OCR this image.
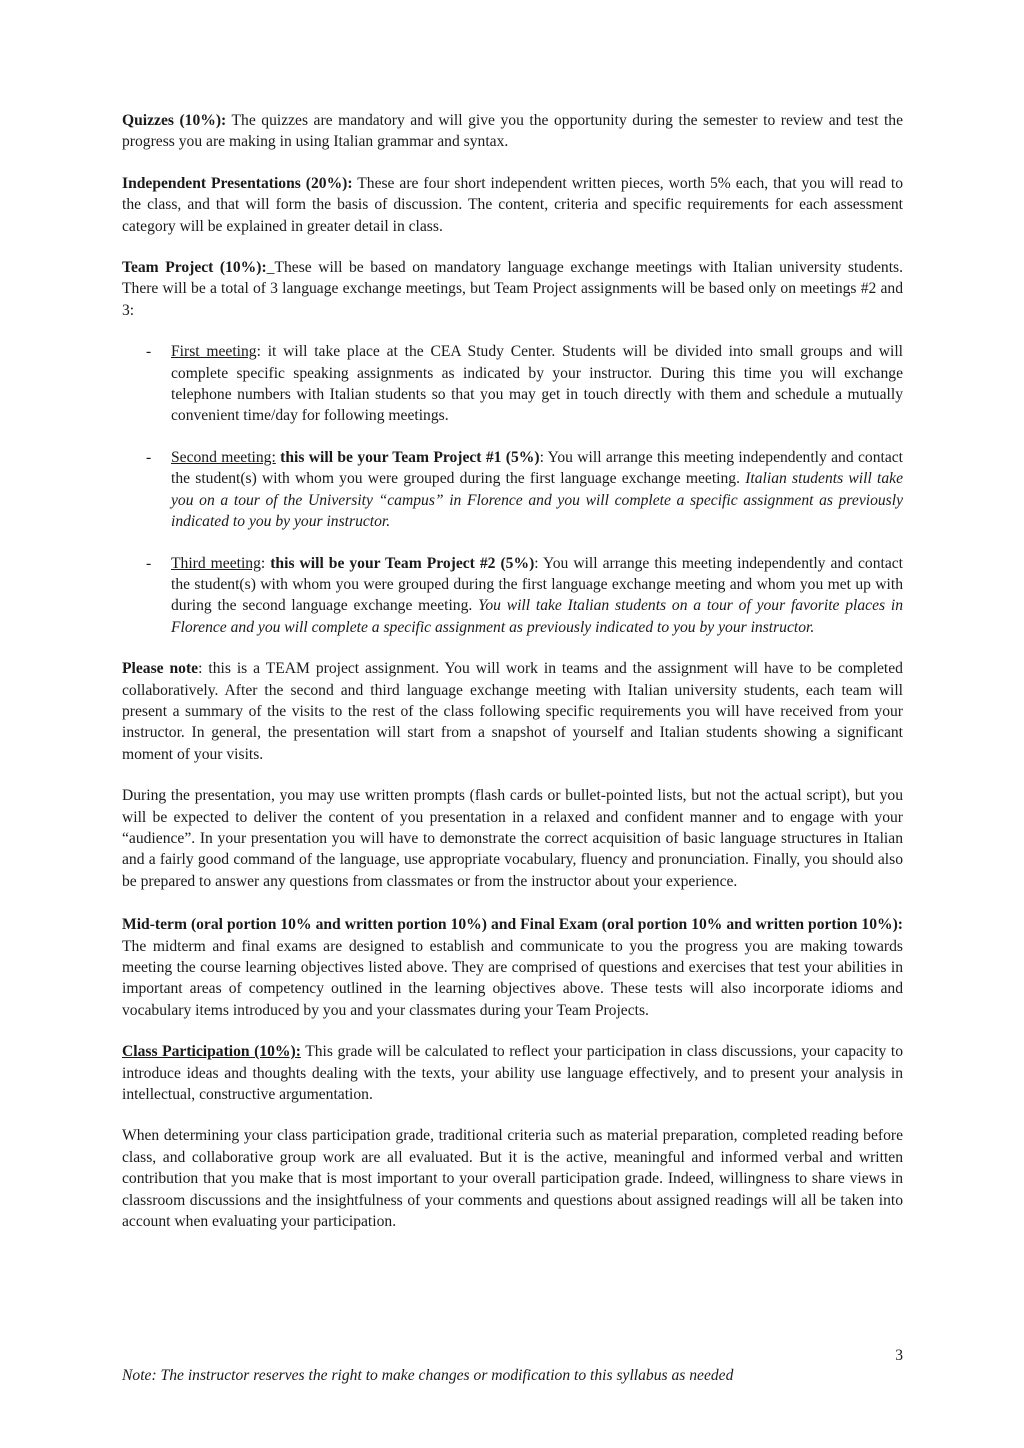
Quizzes (10%): The quizzes are mandatory and will give you the opportunity during the semester to review and test the progress you are making in using Italian grammar and syntax.

Independent Presentations (20%): These are four short independent written pieces, worth 5% each, that you will read to the class, and that will form the basis of discussion. The content, criteria and specific requirements for each assessment category will be explained in greater detail in class.

Team Project (10%):_These will be based on mandatory language exchange meetings with Italian university students. There will be a total of 3 language exchange meetings, but Team Project assignments will be based only on meetings #2 and 3:

- First meeting: it will take place at the CEA Study Center. Students will be divided into small groups and will complete specific speaking assignments as indicated by your instructor. During this time you will exchange telephone numbers with Italian students so that you may get in touch directly with them and schedule a mutually convenient time/day for following meetings.
- Second meeting: this will be your Team Project #1 (5%): You will arrange this meeting independently and contact the student(s) with whom you were grouped during the first language exchange meeting. Italian students will take you on a tour of the University “campus” in Florence and you will complete a specific assignment as previously indicated to you by your instructor.
- Third meeting: this will be your Team Project #2 (5%): You will arrange this meeting independently and contact the student(s) with whom you were grouped during the first language exchange meeting and whom you met up with during the second language exchange meeting. You will take Italian students on a tour of your favorite places in Florence and you will complete a specific assignment as previously indicated to you by your instructor.

Please note: this is a TEAM project assignment. You will work in teams and the assignment will have to be completed collaboratively. After the second and third language exchange meeting with Italian university students, each team will present a summary of the visits to the rest of the class following specific requirements you will have received from your instructor. In general, the presentation will start from a snapshot of yourself and Italian students showing a significant moment of your visits.

During the presentation, you may use written prompts (flash cards or bullet-pointed lists, but not the actual script), but you will be expected to deliver the content of you presentation in a relaxed and confident manner and to engage with your “audience”. In your presentation you will have to demonstrate the correct acquisition of basic language structures in Italian and a fairly good command of the language, use appropriate vocabulary, fluency and pronunciation. Finally, you should also be prepared to answer any questions from classmates or from the instructor about your experience.

Mid-term (oral portion 10% and written portion 10%) and Final Exam (oral portion 10% and written portion 10%): The midterm and final exams are designed to establish and communicate to you the progress you are making towards meeting the course learning objectives listed above. They are comprised of questions and exercises that test your abilities in important areas of competency outlined in the learning objectives above. These tests will also incorporate idioms and vocabulary items introduced by you and your classmates during your Team Projects.

Class Participation (10%): This grade will be calculated to reflect your participation in class discussions, your capacity to introduce ideas and thoughts dealing with the texts, your ability use language effectively, and to present your analysis in intellectual, constructive argumentation.

When determining your class participation grade, traditional criteria such as material preparation, completed reading before class, and collaborative group work are all evaluated. But it is the active, meaningful and informed verbal and written contribution that you make that is most important to your overall participation grade. Indeed, willingness to share views in classroom discussions and the insightfulness of your comments and questions about assigned readings will all be taken into account when evaluating your participation.

3
Note: The instructor reserves the right to make changes or modification to this syllabus as needed
